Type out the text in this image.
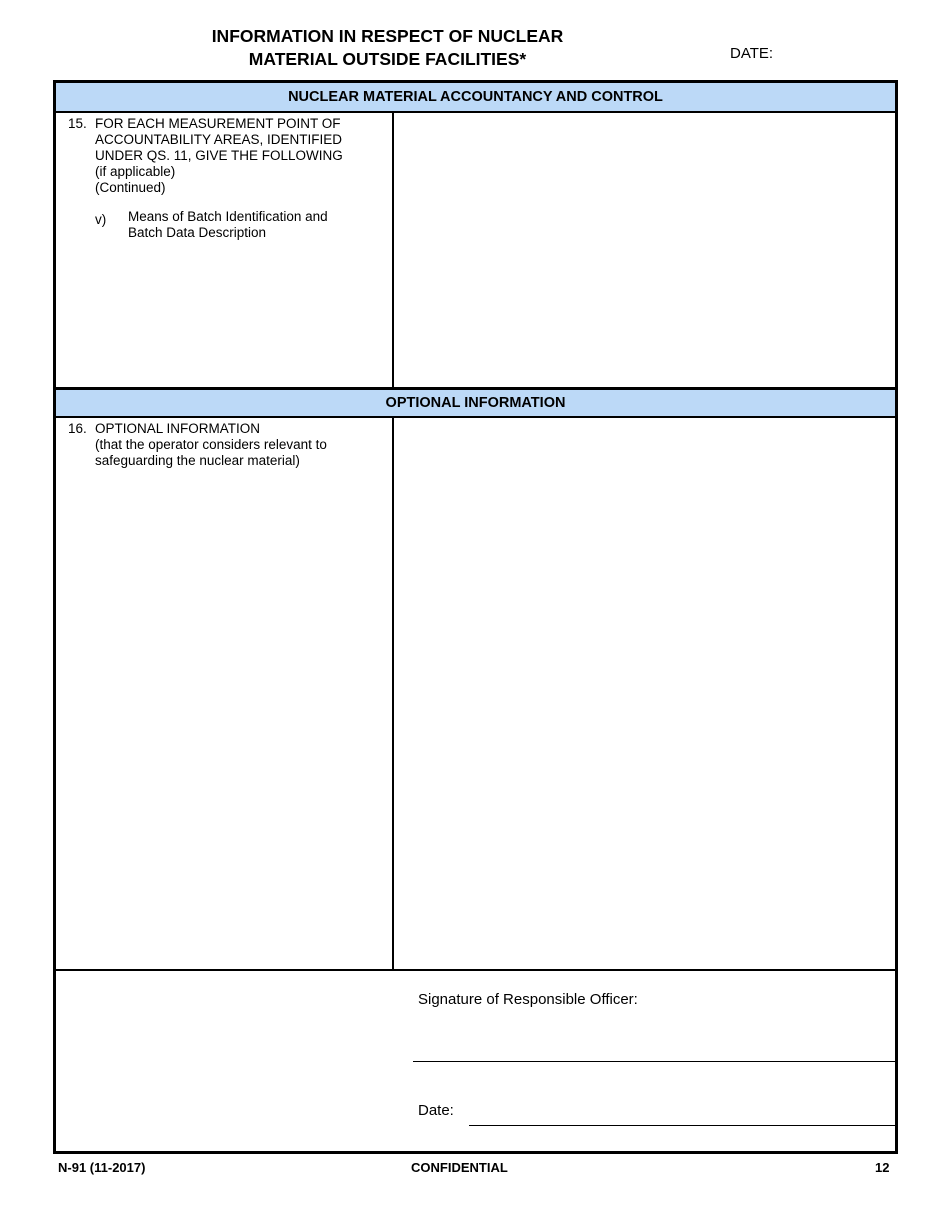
INFORMATION IN RESPECT OF NUCLEAR
MATERIAL OUTSIDE FACILITIES*	DATE:
NUCLEAR MATERIAL ACCOUNTANCY AND CONTROL
15. FOR EACH MEASUREMENT POINT OF
ACCOUNTABILITY AREAS, IDENTIFIED
UNDER QS. 11, GIVE THE FOLLOWING
(if applicable)
(Continued)
v) Means of Batch Identification and
Batch Data Description
OPTIONAL INFORMATION
16. OPTIONAL INFORMATION
(that the operator considers relevant to
safeguarding the nuclear material)
Signature of Responsible Officer:
Date:
N-91 (11-2017)	CONFIDENTIAL	12
